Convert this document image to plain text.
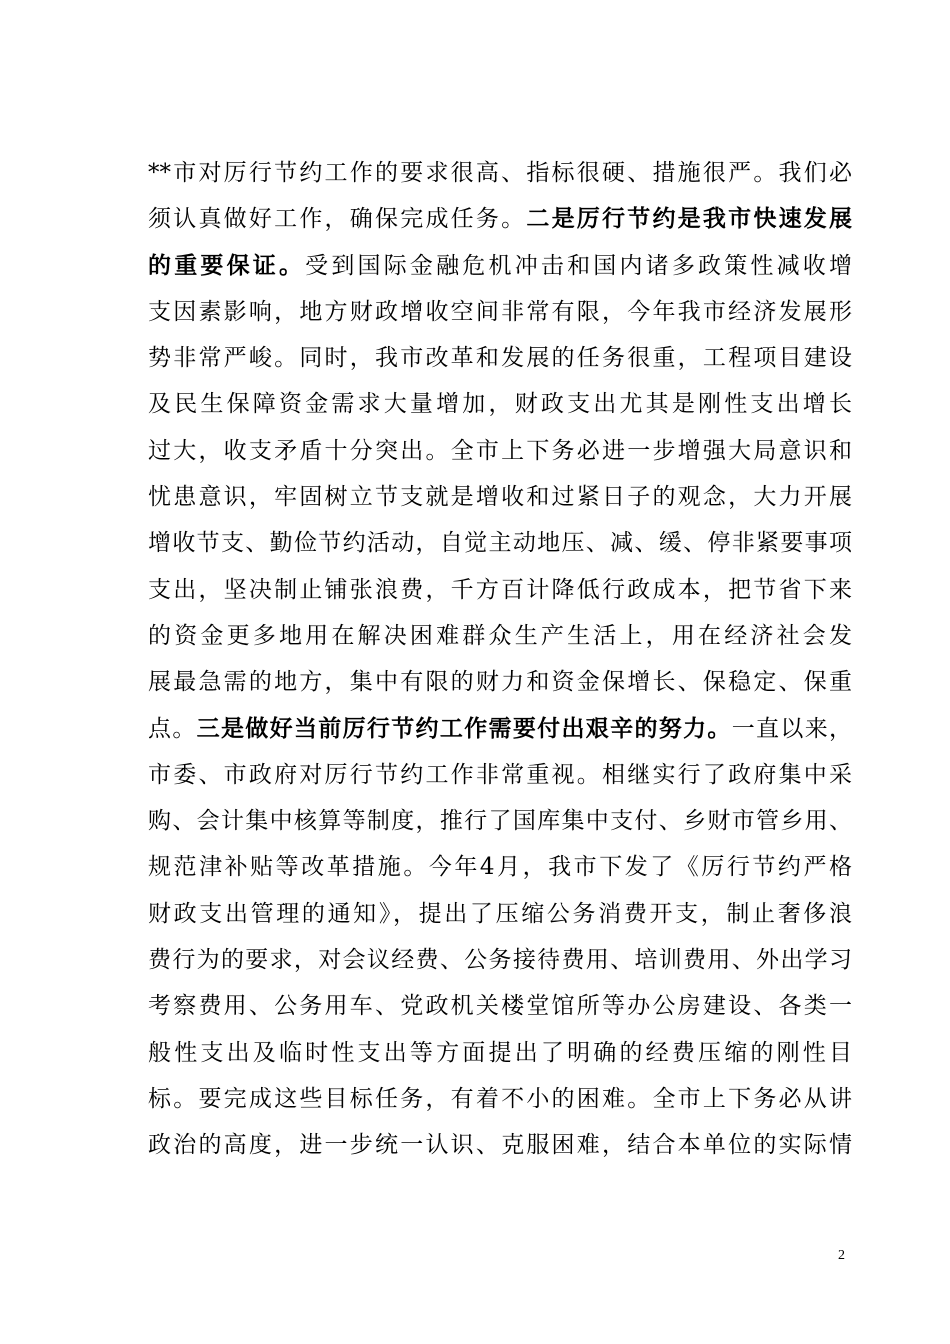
**市对厉行节约工作的要求很高、指标很硬、措施很严。我们必
须认真做好工作，确保完成任务。二是厉行节约是我市快速发展
的重要保证。受到国际金融危机冲击和国内诸多政策性减收增
支因素影响，地方财政增收空间非常有限，今年我市经济发展形
势非常严峻。同时，我市改革和发展的任务很重，工程项目建设
及民生保障资金需求大量增加，财政支出尤其是刚性支出增长
过大，收支矛盾十分突出。全市上下务必进一步增强大局意识和
忧患意识，牢固树立节支就是增收和过紧日子的观念，大力开展
增收节支、勤俭节约活动，自觉主动地压、减、缓、停非紧要事项
支出，坚决制止铺张浪费，千方百计降低行政成本，把节省下来
的资金更多地用在解决困难群众生产生活上，用在经济社会发
展最急需的地方，集中有限的财力和资金保增长、保稳定、保重
点。三是做好当前厉行节约工作需要付出艰辛的努力。一直以来，
市委、市政府对厉行节约工作非常重视。相继实行了政府集中采
购、会计集中核算等制度，推行了国库集中支付、乡财市管乡用、
规范津补贴等改革措施。今年4月，我市下发了《厉行节约严格
财政支出管理的通知》，提出了压缩公务消费开支，制止奢侈浪
费行为的要求，对会议经费、公务接待费用、培训费用、外出学习
考察费用、公务用车、党政机关楼堂馆所等办公房建设、各类一
般性支出及临时性支出等方面提出了明确的经费压缩的刚性目
标。要完成这些目标任务，有着不小的困难。全市上下务必从讲
政治的高度，进一步统一认识、克服困难，结合本单位的实际情
2
